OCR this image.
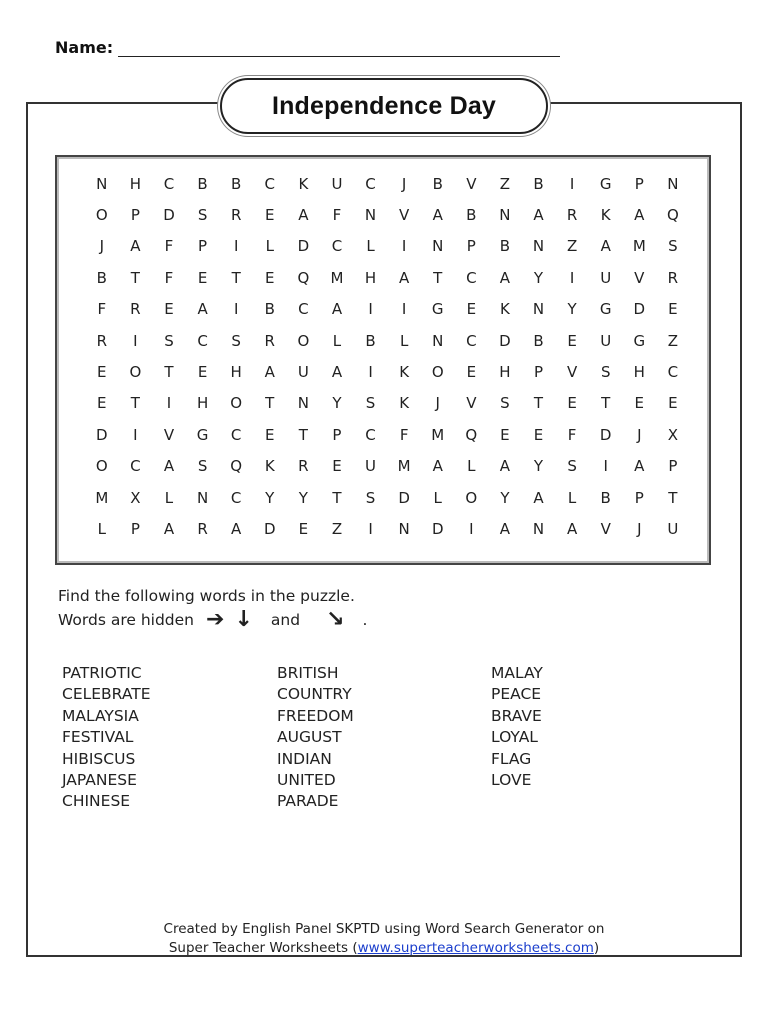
Name:
Independence Day
N	H	C	B	B	C	K	U	C	J	B	V	Z	B	I	G	P	N
O	P	D	S	R	E	A	F	N	V	A	B	N	A	R	K	A	Q
J	A	F	P	I	L	D	C	L	I	N	P	B	N	Z	A	M	S
B	T	F	E	T	E	Q	M	H	A	T	C	A	Y	I	U	V	R
F	R	E	A	I	B	C	A	I	I	G	E	K	N	Y	G	D	E
R	I	S	C	S	R	O	L	B	L	N	C	D	B	E	U	G	Z
E	O	T	E	H	A	U	A	I	K	O	E	H	P	V	S	H	C
E	T	I	H	O	T	N	Y	S	K	J	V	S	T	E	T	E	E
D	I	V	G	C	E	T	P	C	F	M	Q	E	E	F	D	J	X
O	C	A	S	Q	K	R	E	U	M	A	L	A	Y	S	I	A	P
M	X	L	N	C	Y	Y	T	S	D	L	O	Y	A	L	B	P	T
L	P	A	R	A	D	E	Z	I	N	D	I	A	N	A	V	J	U
Find the following words in the puzzle.
Words are hidden ➔ ↓ and ↘ .
PATRIOTIC
CELEBRATE
MALAYSIA
FESTIVAL
HIBISCUS
JAPANESE
CHINESE
BRITISH
COUNTRY
FREEDOM
AUGUST
INDIAN
UNITED
PARADE
MALAY
PEACE
BRAVE
LOYAL
FLAG
LOVE
Created by English Panel SKPTD using Word Search Generator on
Super Teacher Worksheets (www.superteacherworksheets.com)
